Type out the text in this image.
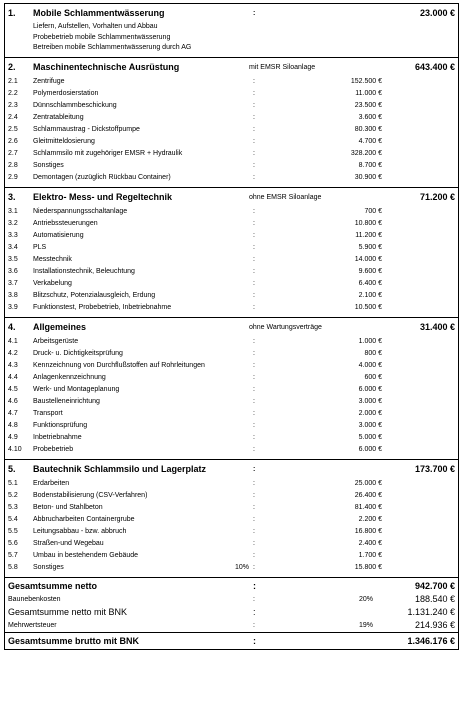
1. Mobile Schlammentwässerung	:	23.000 €
Liefern, Aufstellen, Vorhalten und Abbau
Probebetrieb mobile Schlammentwässerung
Betreiben mobile Schlammentwässerung durch AG
2. Maschinentechnische Ausrüstung	mit EMSR Siloanlage	643.400 €
2.1 Zentrifuge	:	152.500 €
2.2 Polymerdosierstation	:	11.000 €
2.3 Dünnschlammbeschickung	:	23.500 €
2.4 Zentratableitung	:	3.600 €
2.5 Schlammaustrag - Dickstoffpumpe	:	80.300 €
2.6 Gleitmitteldosierung	:	4.700 €
2.7 Schlammsilo mit zugehöriger EMSR + Hydraulik	:	328.200 €
2.8 Sonstiges	:	8.700 €
2.9 Demontagen (zuzüglich Rückbau Container)	:	30.900 €
3. Elektro- Mess- und Regeltechnik	ohne EMSR Siloanlage	71.200 €
3.1 Niederspannungsschaltanlage	:	700 €
3.2 Antriebssteuerungen	:	10.800 €
3.3 Automatisierung	:	11.200 €
3.4 PLS	:	5.900 €
3.5 Messtechnik	:	14.000 €
3.6 Installationstechnik, Beleuchtung	:	9.600 €
3.7 Verkabelung	:	6.400 €
3.8 Blitzschutz, Potenzialausgleich, Erdung	:	2.100 €
3.9 Funktionstest, Probebetrieb, Inbetriebnahme	:	10.500 €
4. Allgemeines	ohne Wartungsverträge	31.400 €
4.1 Arbeitsgerüste	:	1.000 €
4.2 Druck- u. Dichtigkeitsprüfung	:	800 €
4.3 Kennzeichnung von Durchflußstoffen auf Rohrleitungen	:	4.000 €
4.4 Anlagenkennzeichnung	:	600 €
4.5 Werk- und Montageplanung	:	6.000 €
4.6 Baustelleneinrichtung	:	3.000 €
4.7 Transport	:	2.000 €
4.8 Funktionsprüfung	:	3.000 €
4.9 Inbetriebnahme	:	5.000 €
4.10 Probebetrieb	:	6.000 €
5. Bautechnik Schlammsilo und Lagerplatz	:	173.700 €
5.1 Erdarbeiten	:	25.000 €
5.2 Bodenstabilisierung (CSV-Verfahren)	:	26.400 €
5.3 Beton- und Stahlbeton	:	81.400 €
5.4 Abbrucharbeiten Containergrube	:	2.200 €
5.5 Leitungsabbau - bzw. abbruch	:	16.800 €
5.6 Straßen-und Wegebau	:	2.400 €
5.7 Umbau in bestehendem Gebäude	:	1.700 €
5.8 Sonstiges	10% :	15.800 €
Gesamtsumme netto	:	942.700 €
Baunebenkosten	:	20%	188.540 €
Gesamtsumme netto mit BNK	:	1.131.240 €
Mehrwertsteuer	:	19%	214.936 €
Gesamtsumme brutto mit BNK	:	1.346.176 €
